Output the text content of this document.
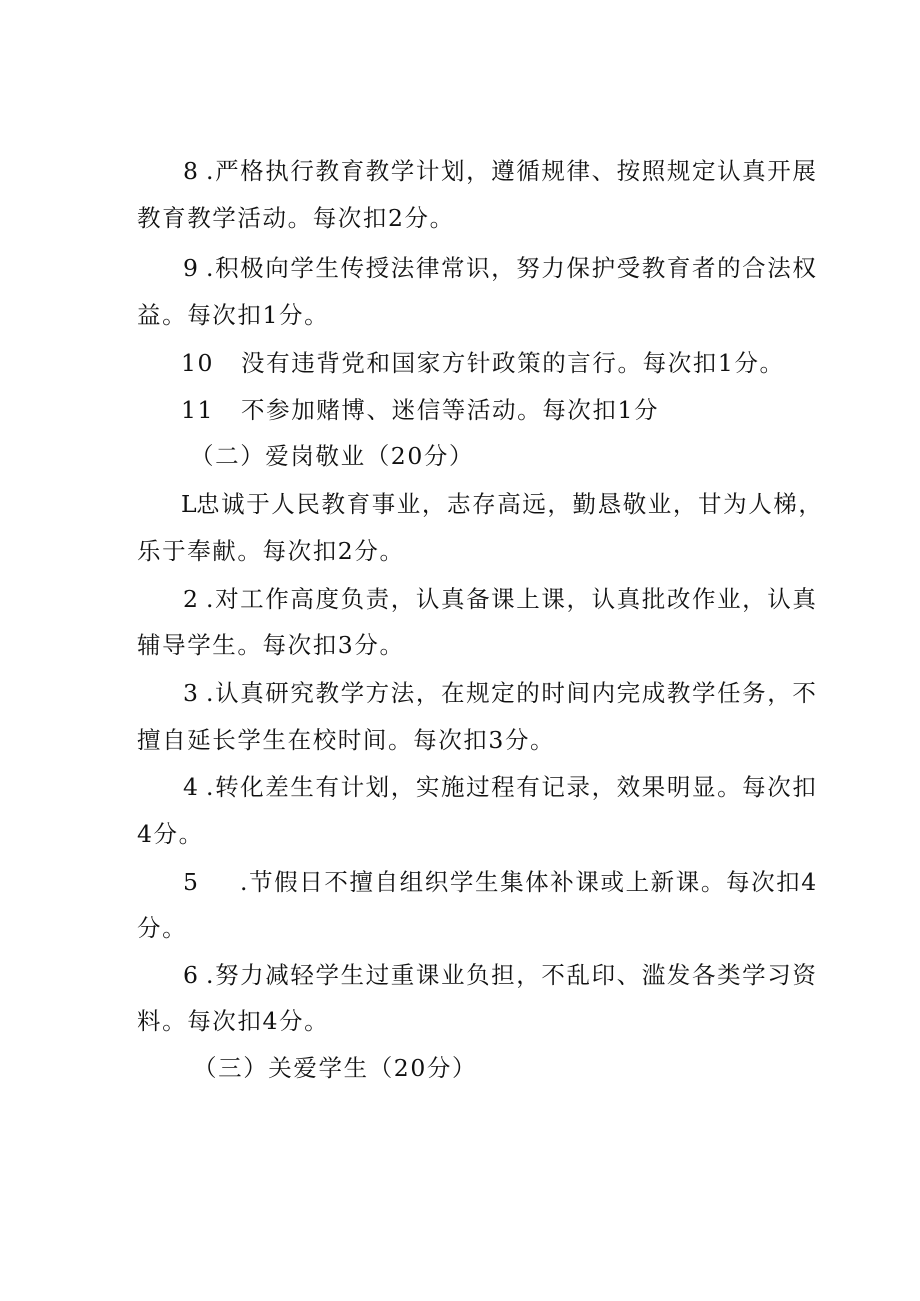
8 .严格执行教育教学计划，遵循规律、按照规定认真开展
教育教学活动。每次扣2分。
9 .积极向学生传授法律常识，努力保护受教育者的合法权
益。每次扣1分。
10 没有违背党和国家方针政策的言行。每次扣1分。
11 不参加赌博、迷信等活动。每次扣1分
（二）爱岗敬业（20分）
L
忠诚于人民教育事业，志存高远，勤恳敬业，甘为人梯，
乐于奉献。每次扣2分。
2 .对工作高度负责，认真备课上课，认真批改作业，认真
辅导学生。每次扣3分。
3 .认真研究教学方法，在规定的时间内完成教学任务，不
擅自延长学生在校时间。每次扣3分。
4 .转化差生有计划，实施过程有记录，效果明显。每次扣
4分。
5 .节假日不擅自组织学生集体补课或上新课。每次扣4
分。
6 .努力减轻学生过重课业负担，不乱印、滥发各类学习资
料。每次扣4分。
（三）关爱学生（20分）
